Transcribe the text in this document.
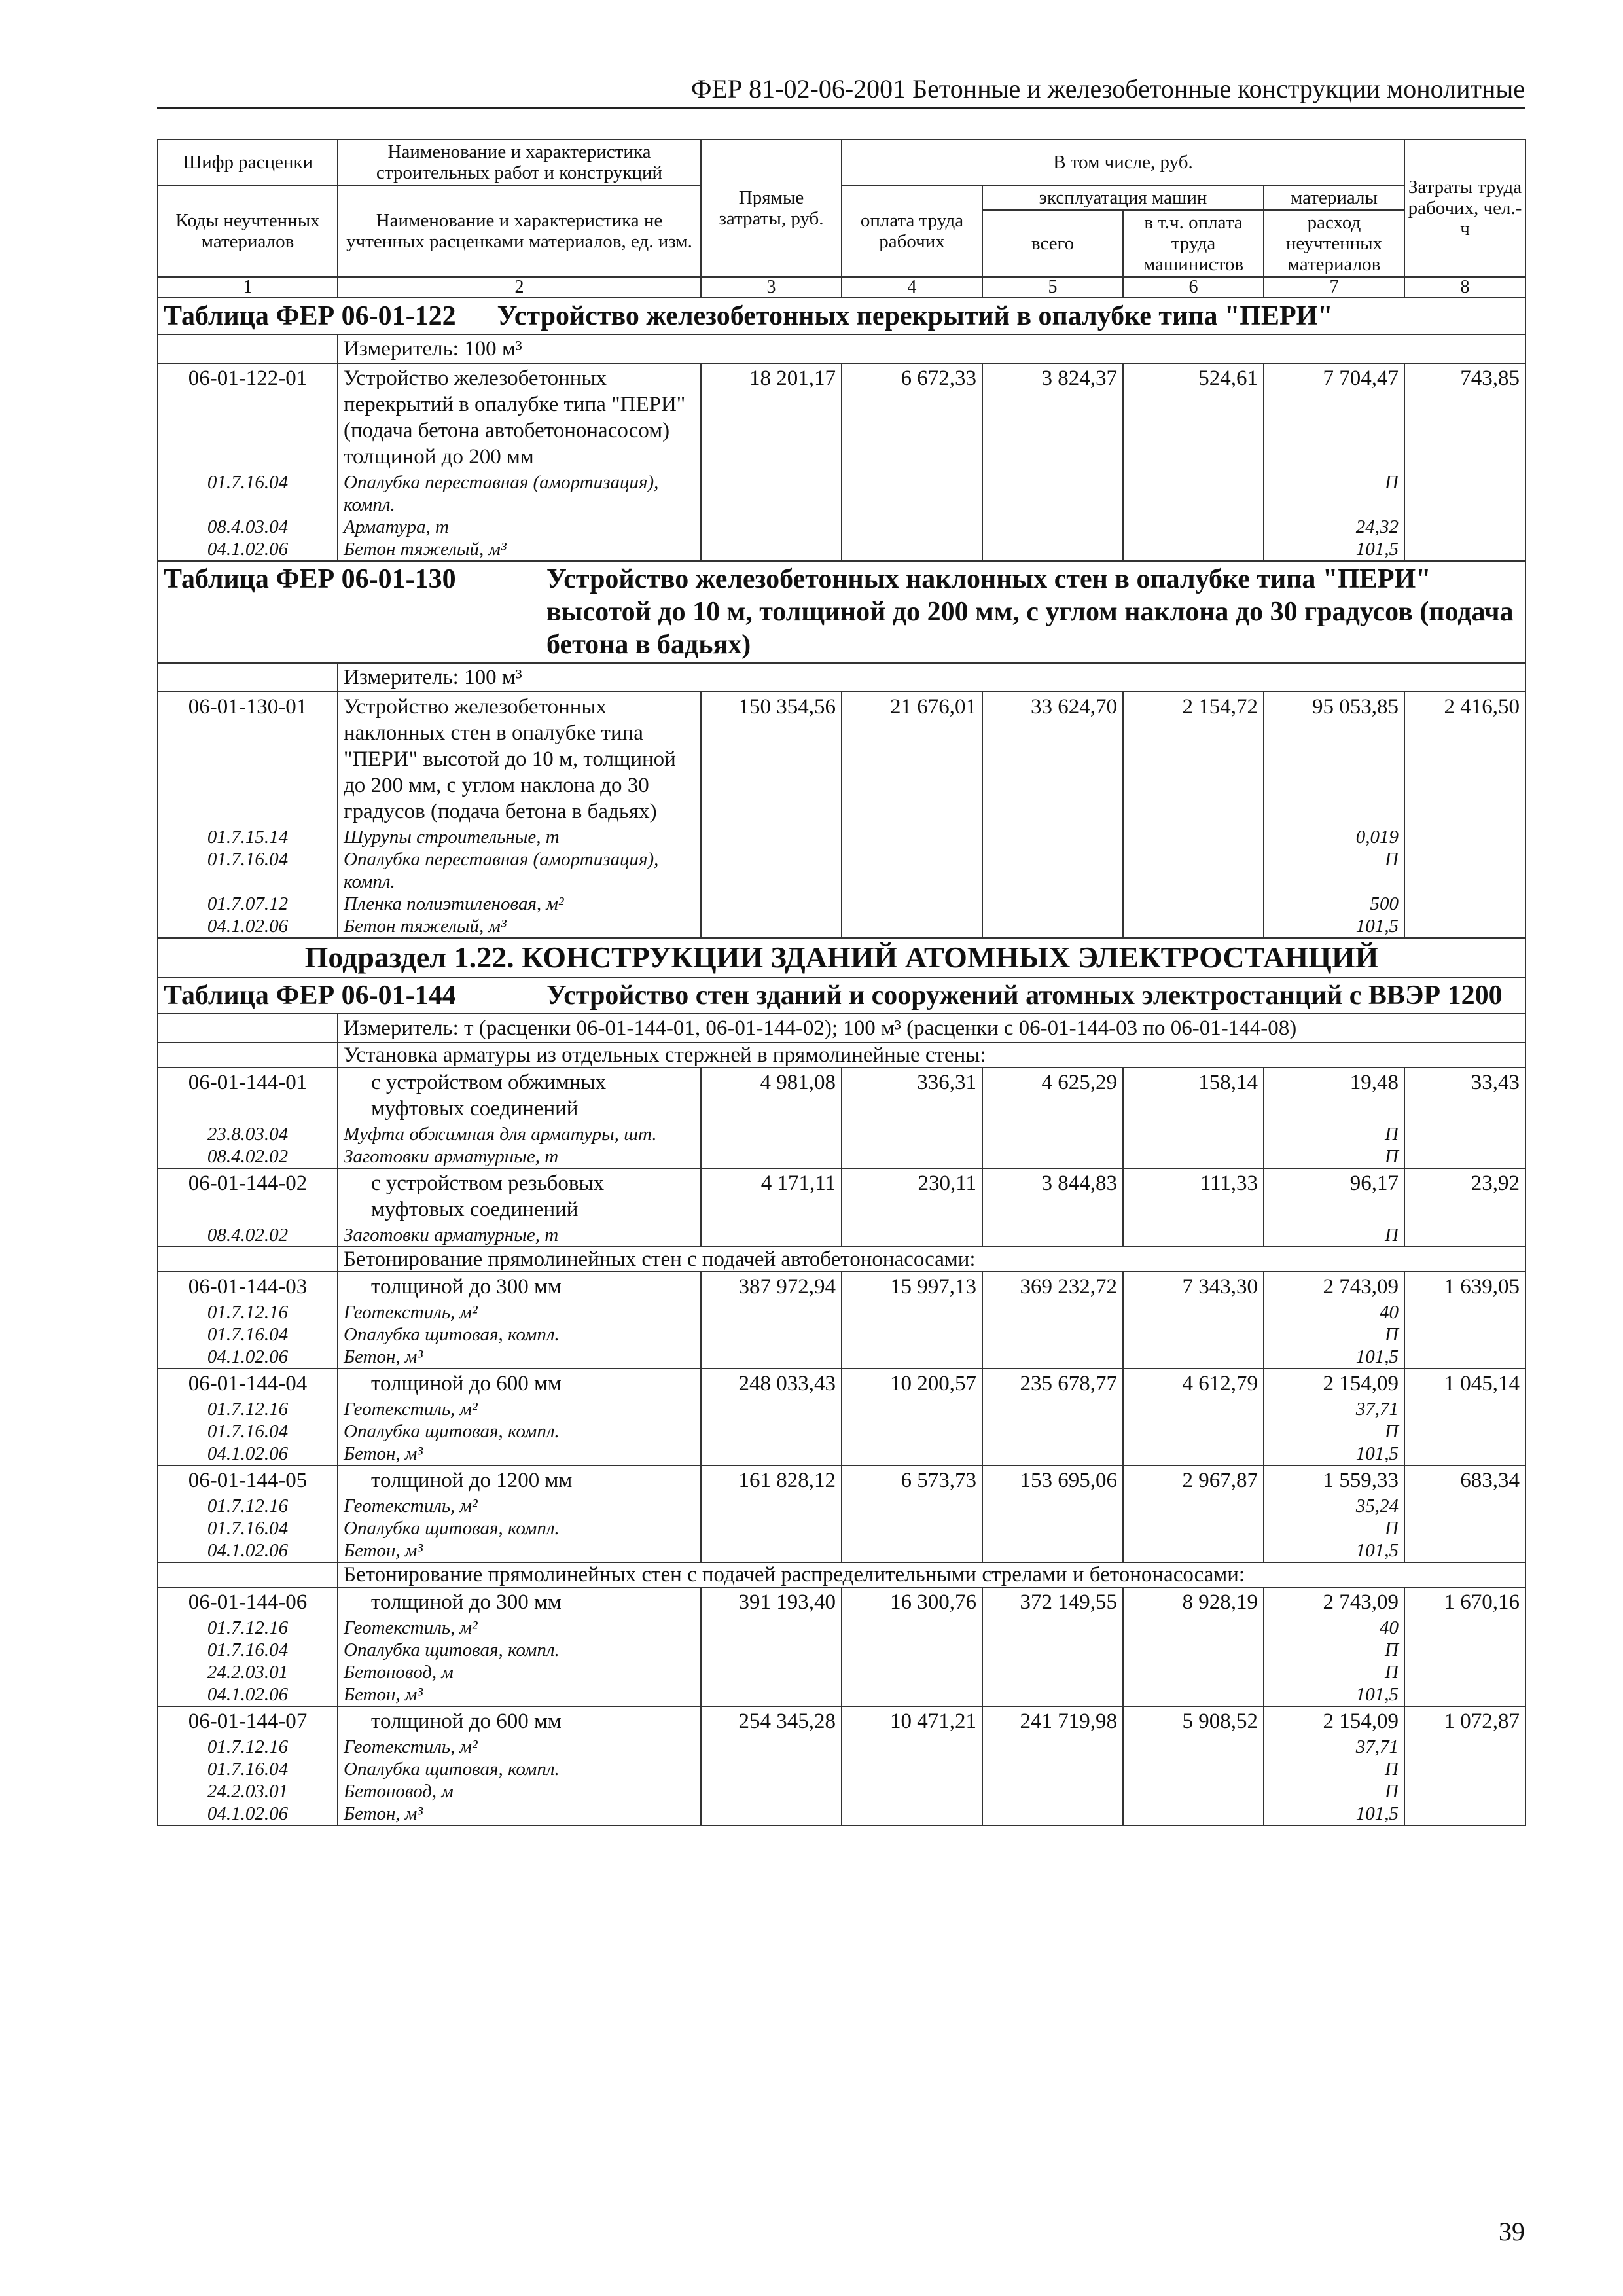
ФЕР 81-02-06-2001 Бетонные и железобетонные конструкции монолитные
Шифр расценки	Наименование и характеристика строительных работ и конструкций	Прямые затраты, руб.	В том числе, руб.				Затраты труда рабочих, чел.-ч
Коды неучтенных материалов	Наименование и характеристика не учтенных расценками материалов, ед. изм.		оплата труда рабочих	эксплуатация машин		материалы	
				всего	в т.ч. оплата труда машинистов	расход неучтенных материалов	
1	2	3	4	5	6	7	8
Таблица ФЕР 06-01-122 Устройство железобетонных перекрытий в опалубке типа "ПЕРИ"							
	Измеритель: 100 м³						
06-01-122-01	Устройство железобетонных перекрытий в опалубке типа "ПЕРИ" (подача бетона автобетононасосом) толщиной до 200 мм	18 201,17	6 672,33	3 824,37	524,61	7 704,47	743,85
01.7.16.04	Опалубка переставная (амортизация), компл.					П	
08.4.03.04	Арматура, т					24,32	
04.1.02.06	Бетон тяжелый, м³					101,5	

Таблица ФЕР 06-01-130 Устройство железобетонных наклонных стен в опалубке типа "ПЕРИ" высотой до 10 м, толщиной до 200 мм, с углом наклона до 30 градусов (подача бетона в бадьях)							

	Измеритель: 100 м³						
06-01-130-01	Устройство железобетонных наклонных стен в опалубке типа "ПЕРИ" высотой до 10 м, толщиной до 200 мм, с углом наклона до 30 градусов (подача бетона в бадьях)	150 354,56	21 676,01	33 624,70	2 154,72	95 053,85	2 416,50
01.7.15.14	Шурупы строительные, т					0,019	
01.7.16.04	Опалубка переставная (амортизация), компл.					П	
01.7.07.12	Пленка полиэтиленовая, м²					500	
04.1.02.06	Бетон тяжелый, м³					101,5	
Подраздел 1.22. КОНСТРУКЦИИ ЗДАНИЙ АТОМНЫХ ЭЛЕКТРОСТАНЦИЙ							

Таблица ФЕР 06-01-144 Устройство стен зданий и сооружений атомных электростанций с ВВЭР 1200							

	Измеритель: т (расценки 06-01-144-01, 06-01-144-02); 100 м³ (расценки с 06-01-144-03 по 06-01-144-08)						
	Установка арматуры из отдельных стержней в прямолинейные стены:						
06-01-144-01	с устройством обжимных муфтовых соединений	4 981,08	336,31	4 625,29	158,14	19,48	33,43
23.8.03.04	Муфта обжимная для арматуры, шт.					П	
08.4.02.02	Заготовки арматурные, т					П	
06-01-144-02	с устройством резьбовых муфтовых соединений	4 171,11	230,11	3 844,83	111,33	96,17	23,92
08.4.02.02	Заготовки арматурные, т					П	
	Бетонирование прямолинейных стен с подачей автобетононасосами:						
06-01-144-03	толщиной до 300 мм	387 972,94	15 997,13	369 232,72	7 343,30	2 743,09	1 639,05
01.7.12.16	Геотекстиль, м²					40	
01.7.16.04	Опалубка щитовая, компл.					П	
04.1.02.06	Бетон, м³					101,5	
06-01-144-04	толщиной до 600 мм	248 033,43	10 200,57	235 678,77	4 612,79	2 154,09	1 045,14
01.7.12.16	Геотекстиль, м²					37,71	
01.7.16.04	Опалубка щитовая, компл.					П	
04.1.02.06	Бетон, м³					101,5	
06-01-144-05	толщиной до 1200 мм	161 828,12	6 573,73	153 695,06	2 967,87	1 559,33	683,34
01.7.12.16	Геотекстиль, м²					35,24	
01.7.16.04	Опалубка щитовая, компл.					П	
04.1.02.06	Бетон, м³					101,5	
	Бетонирование прямолинейных стен с подачей распределительными стрелами и бетононасосами:						
06-01-144-06	толщиной до 300 мм	391 193,40	16 300,76	372 149,55	8 928,19	2 743,09	1 670,16
01.7.12.16	Геотекстиль, м²					40	
01.7.16.04	Опалубка щитовая, компл.					П	
24.2.03.01	Бетоновод, м					П	
04.1.02.06	Бетон, м³					101,5	
06-01-144-07	толщиной до 600 мм	254 345,28	10 471,21	241 719,98	5 908,52	2 154,09	1 072,87
01.7.12.16	Геотекстиль, м²					37,71	
01.7.16.04	Опалубка щитовая, компл.					П	
24.2.03.01	Бетоновод, м					П	
04.1.02.06	Бетон, м³					101,5	
39
